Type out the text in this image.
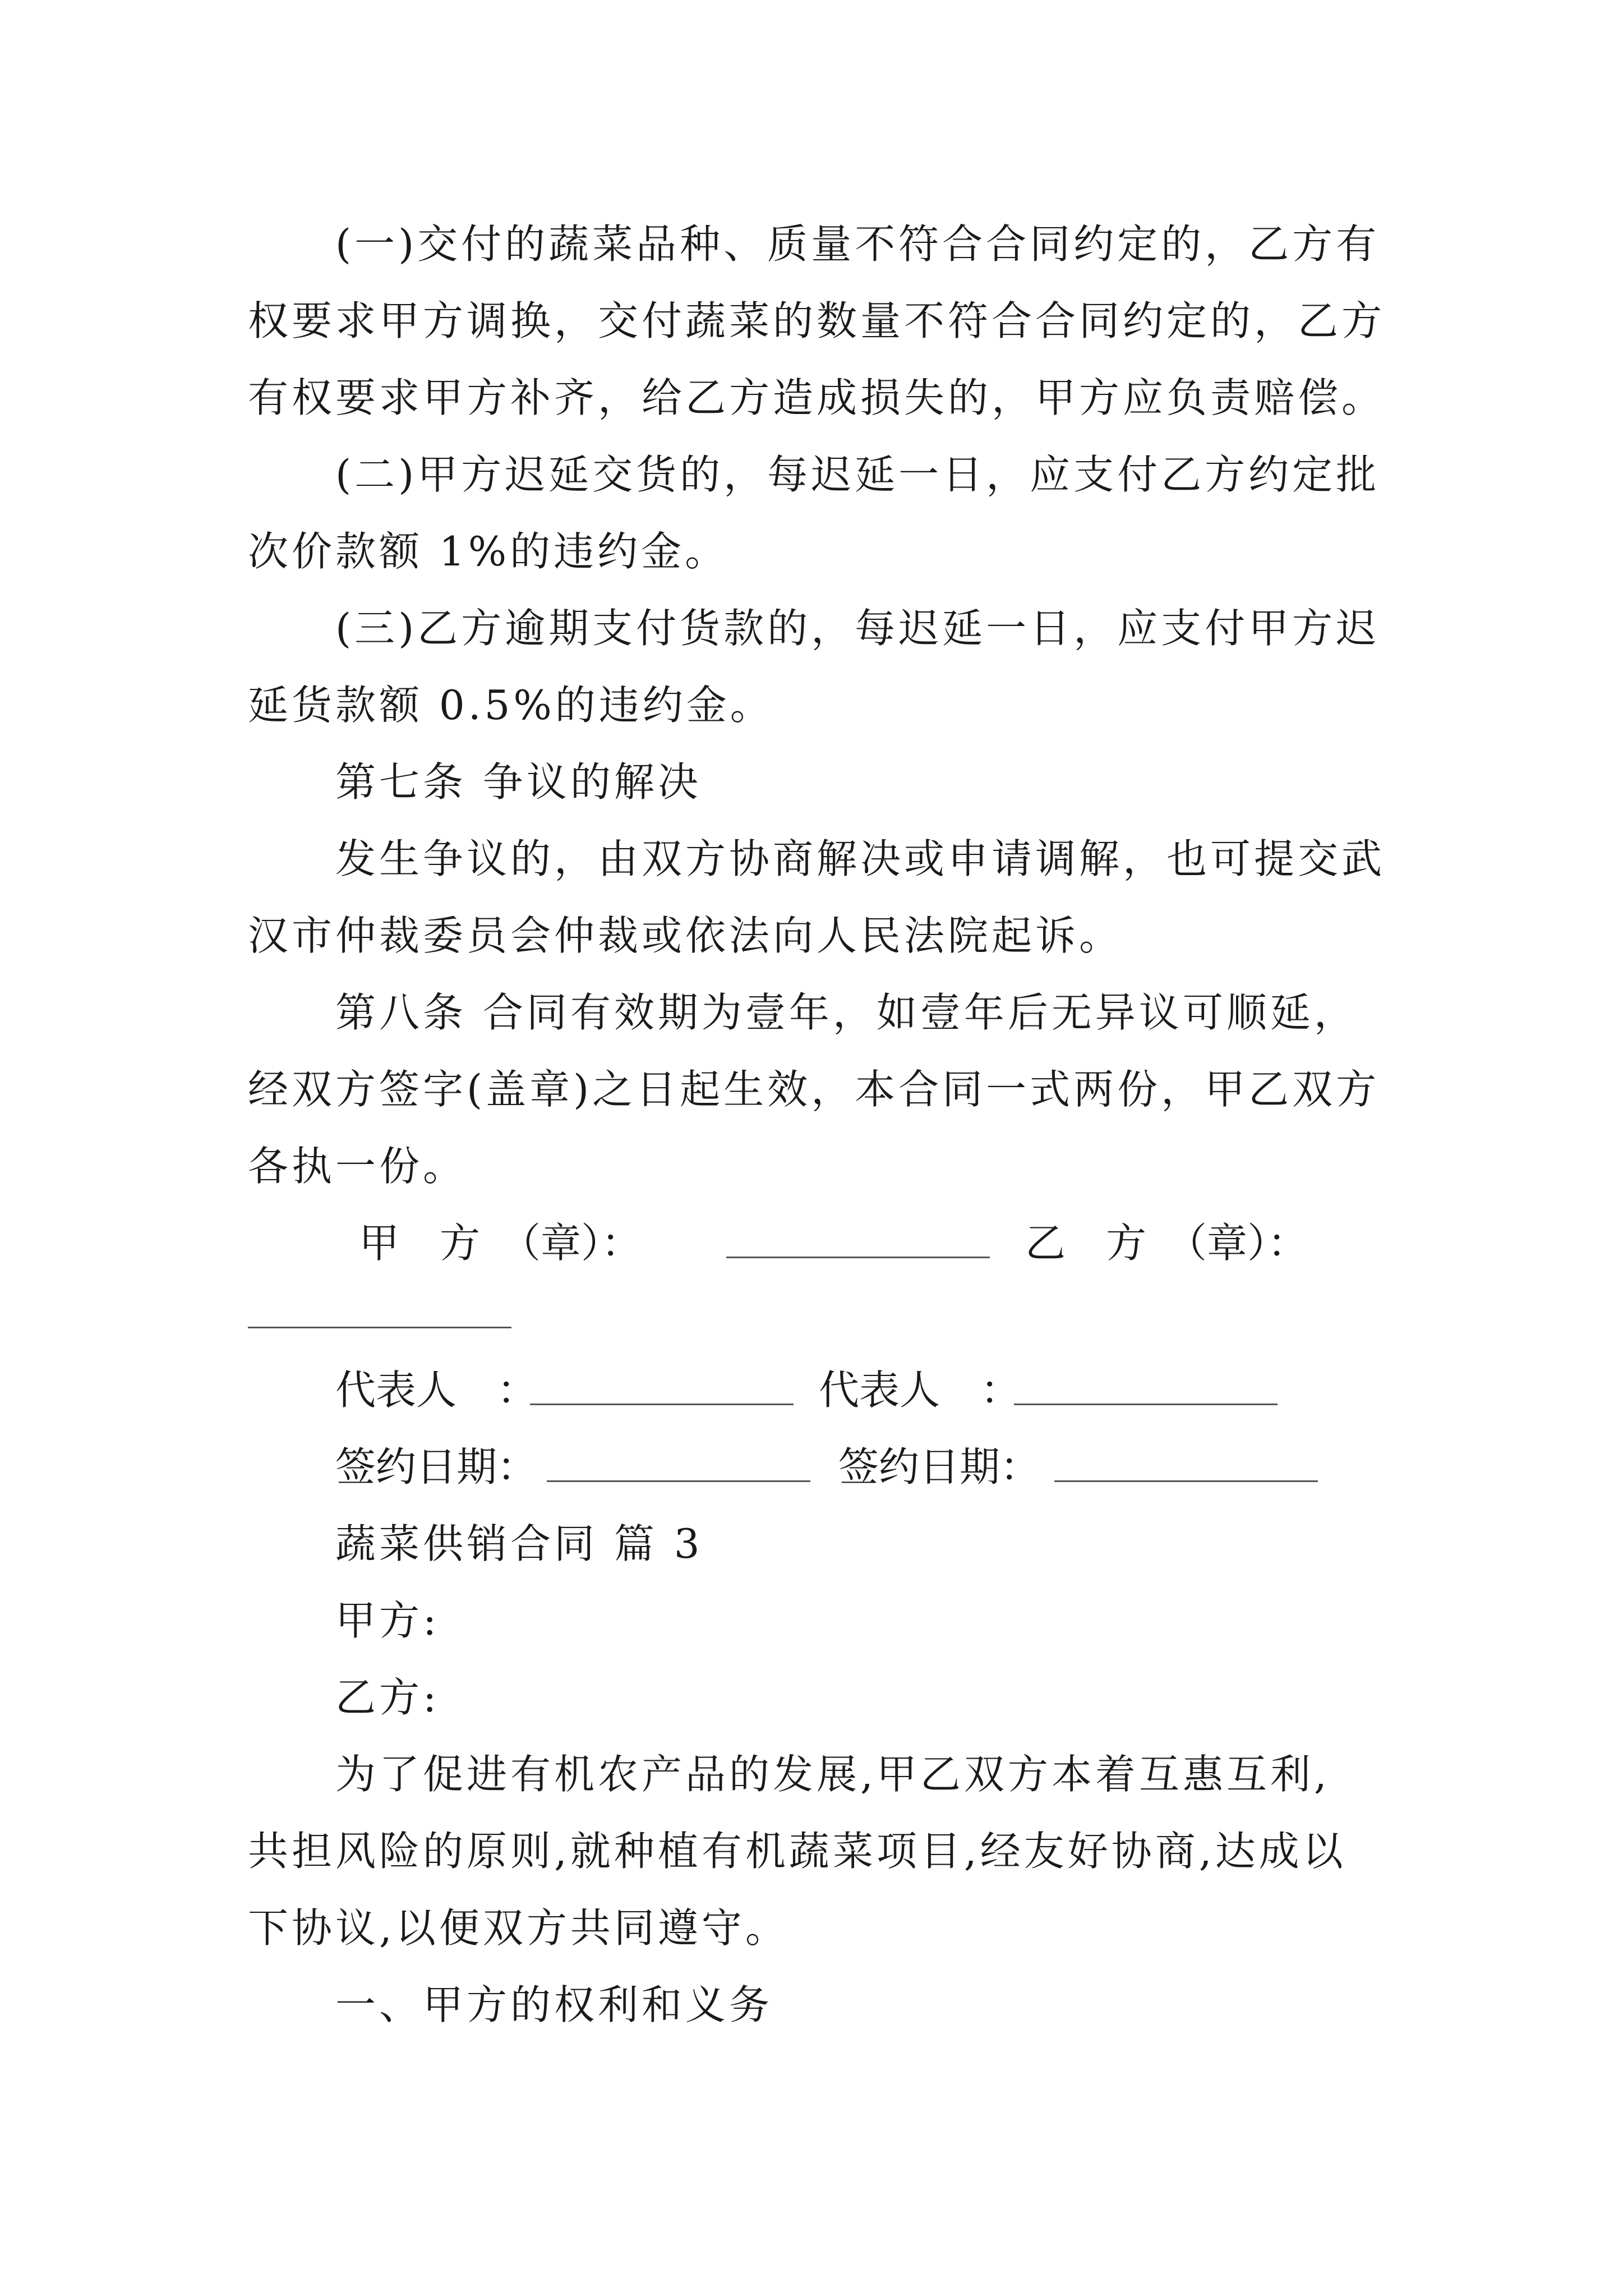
(一)交付的蔬菜品种、质量不符合合同约定的，乙方有
权要求甲方调换，交付蔬菜的数量不符合合同约定的，乙方
有权要求甲方补齐，给乙方造成损失的，甲方应负责赔偿。
(二)甲方迟延交货的，每迟延一日，应支付乙方约定批
次价款额 1%的违约金。
(三)乙方逾期支付货款的，每迟延一日，应支付甲方迟
延货款额 0.5%的违约金。
第七条 争议的解决
发生争议的，由双方协商解决或申请调解，也可提交武
汉市仲裁委员会仲裁或依法向人民法院起诉。
第八条 合同有效期为壹年，如壹年后无异议可顺延，
经双方签字(盖章)之日起生效，本合同一式两份，甲乙双方
各执一份。
甲　方　（章）：	乙　方　（章）：
代表人　：	代表人　：
签约日期：	签约日期：
蔬菜供销合同 篇 3
甲方:
乙方:
为了促进有机农产品的发展,甲乙双方本着互惠互利,
共担风险的原则,就种植有机蔬菜项目,经友好协商,达成以
下协议,以便双方共同遵守。
一、甲方的权利和义务
